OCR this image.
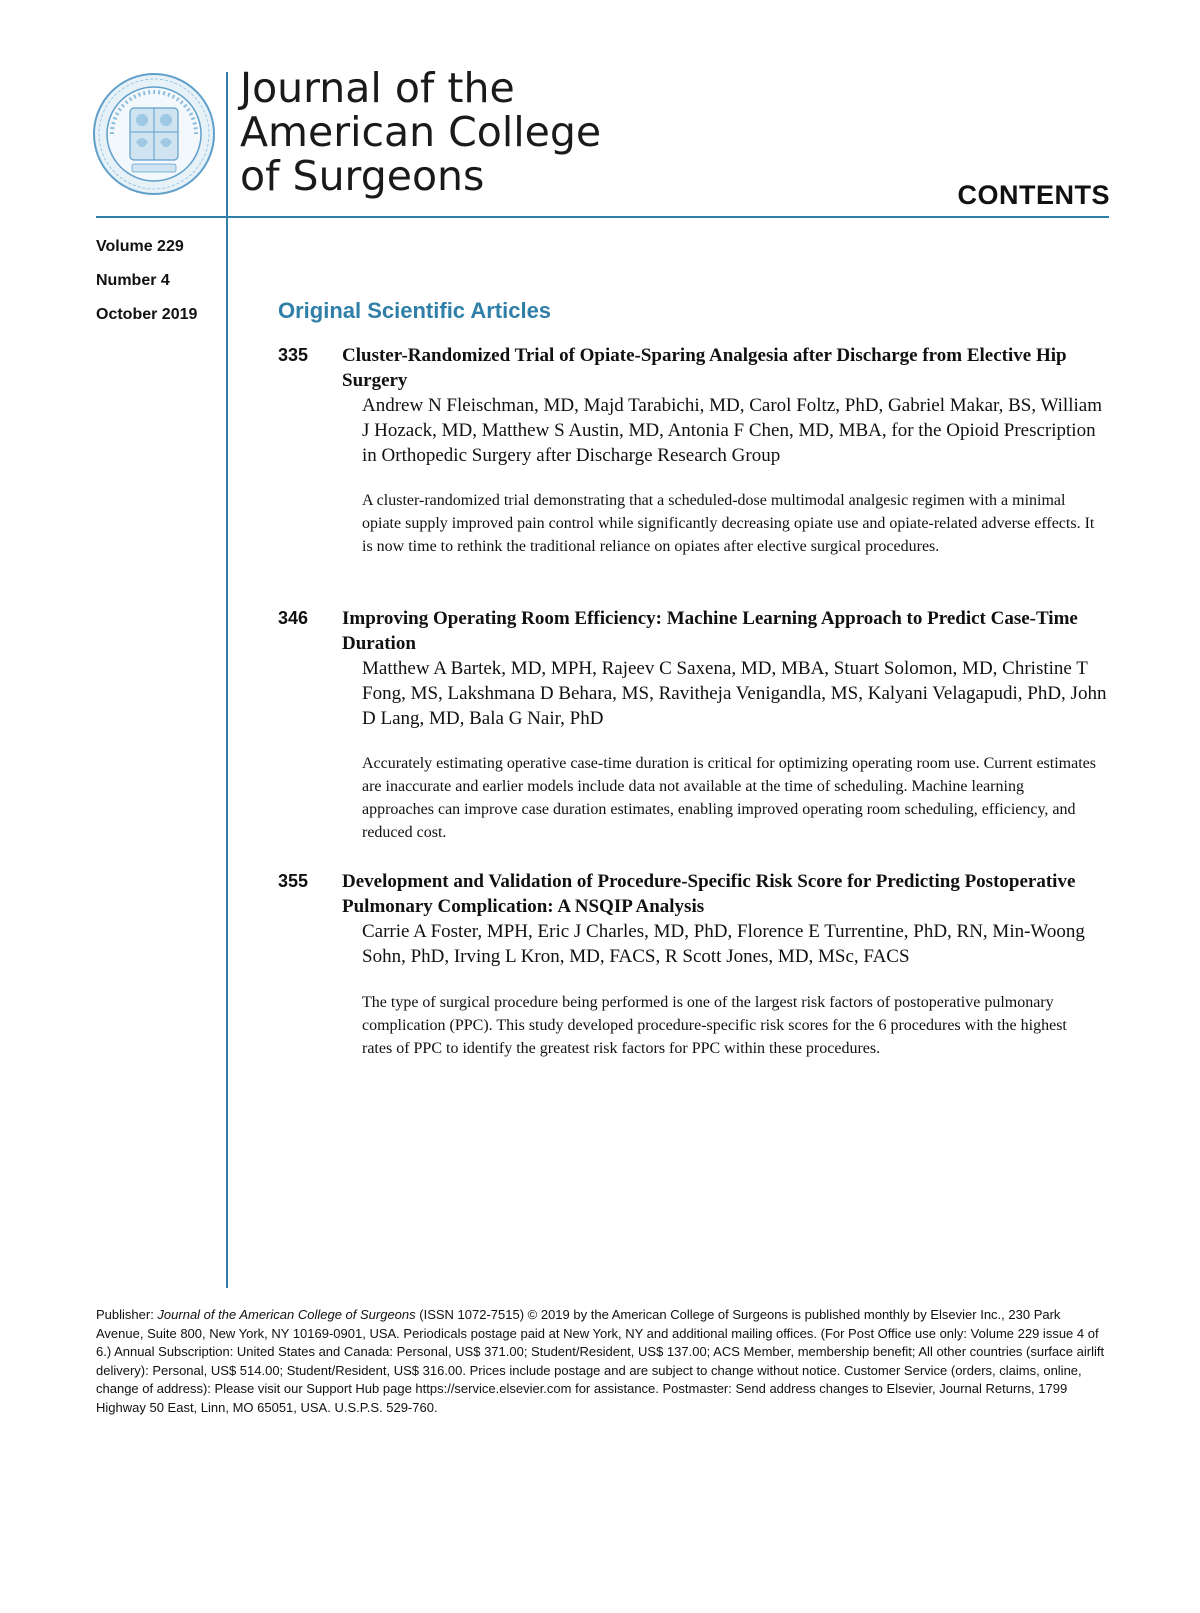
Journal of the
American College
of Surgeons	CONTENTS
Volume 229
Number 4
October 2019	Original Scientific Articles
335 Cluster-Randomized Trial of Opiate-Sparing Analgesia after Discharge from Elective Hip Surgery
Andrew N Fleischman, MD, Majd Tarabichi, MD, Carol Foltz, PhD, Gabriel Makar, BS, William J Hozack, MD, Matthew S Austin, MD, Antonia F Chen, MD, MBA, for the Opioid Prescription in Orthopedic Surgery after Discharge Research Group
A cluster-randomized trial demonstrating that a scheduled-dose multimodal analgesic regimen with a minimal opiate supply improved pain control while significantly decreasing opiate use and opiate-related adverse effects. It is now time to rethink the traditional reliance on opiates after elective surgical procedures.
346 Improving Operating Room Efficiency: Machine Learning Approach to Predict Case-Time Duration
Matthew A Bartek, MD, MPH, Rajeev C Saxena, MD, MBA, Stuart Solomon, MD, Christine T Fong, MS, Lakshmana D Behara, MS, Ravitheja Venigandla, MS, Kalyani Velagapudi, PhD, John D Lang, MD, Bala G Nair, PhD
Accurately estimating operative case-time duration is critical for optimizing operating room use. Current estimates are inaccurate and earlier models include data not available at the time of scheduling. Machine learning approaches can improve case duration estimates, enabling improved operating room scheduling, efficiency, and reduced cost.
355 Development and Validation of Procedure-Specific Risk Score for Predicting Postoperative Pulmonary Complication: A NSQIP Analysis
Carrie A Foster, MPH, Eric J Charles, MD, PhD, Florence E Turrentine, PhD, RN, Min-Woong Sohn, PhD, Irving L Kron, MD, FACS, R Scott Jones, MD, MSc, FACS
The type of surgical procedure being performed is one of the largest risk factors of postoperative pulmonary complication (PPC). This study developed procedure-specific risk scores for the 6 procedures with the highest rates of PPC to identify the greatest risk factors for PPC within these procedures.
Publisher: Journal of the American College of Surgeons (ISSN 1072-7515) © 2019 by the American College of Surgeons is published monthly by Elsevier Inc., 230 Park Avenue, Suite 800, New York, NY 10169-0901, USA. Periodicals postage paid at New York, NY and additional mailing offices. (For Post Office use only: Volume 229 issue 4 of 6.) Annual Subscription: United States and Canada: Personal, US$ 371.00; Student/Resident, US$ 137.00; ACS Member, membership benefit; All other countries (surface airlift delivery): Personal, US$ 514.00; Student/Resident, US$ 316.00. Prices include postage and are subject to change without notice. Customer Service (orders, claims, online, change of address): Please visit our Support Hub page https://service.elsevier.com for assistance. Postmaster: Send address changes to Elsevier, Journal Returns, 1799 Highway 50 East, Linn, MO 65051, USA. U.S.P.S. 529-760.
